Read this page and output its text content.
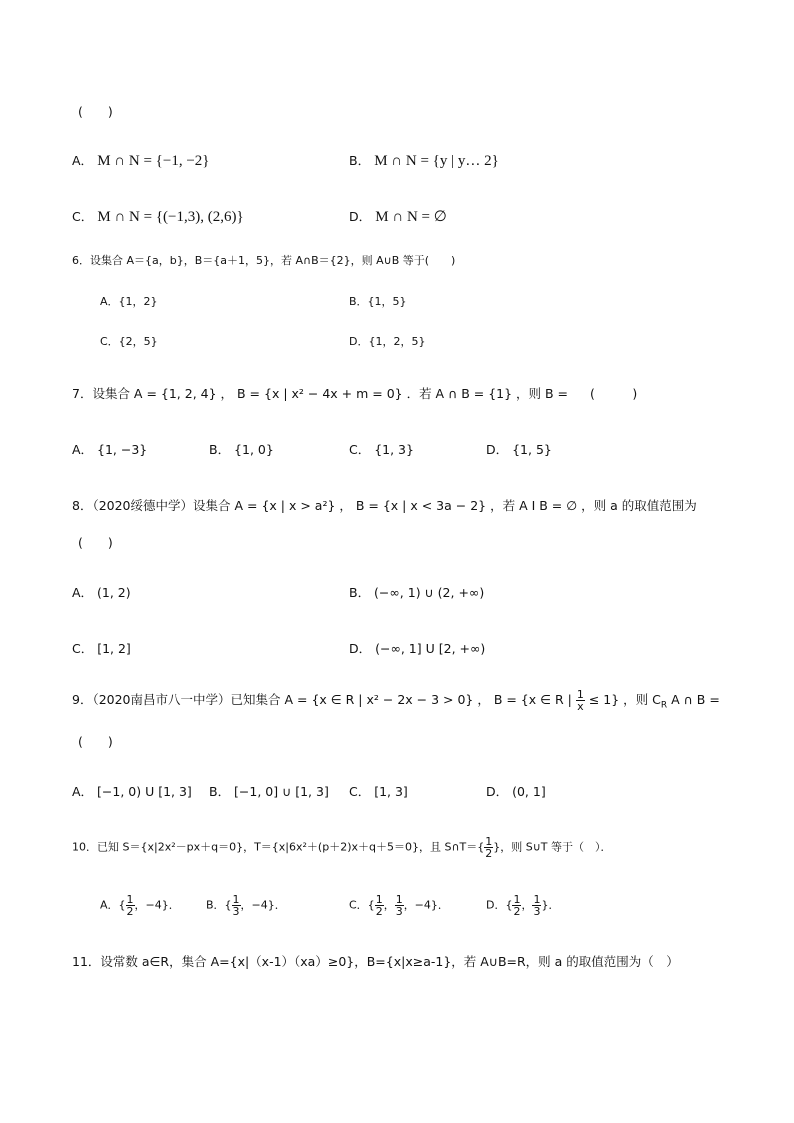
(　　)
A． M ∩ N = {−1, −2}	B． M ∩ N = {y | y… 2}
C． M ∩ N = {(−1,3), (2,6)}	D． M ∩ N = ∅
6．设集合 A＝{a，b}，B＝{a＋1，5}，若 A∩B＝{2}，则 A∪B 等于(　　)
A．{1，2}	B．{1，5}
C．{2，5}	D．{1，2，5}
7．设集合 A = {1, 2, 4} ， B = {x | x² − 4x + m = 0} ．若 A ∩ B = {1} ，则 B = (　　　)
A． {1, −3}	B． {1, 0}	C． {1, 3}	D． {1, 5}
8．（2020绥德中学）设集合 A = {x | x > a²} ， B = {x | x < 3a − 2} ，若 A I B = ∅ ，则 a 的取值范围为
(　　)
A． (1, 2)	B． (−∞, 1) ∪ (2, +∞)
C． [1, 2]	D． (−∞, 1] U [2, +∞)
9．（2020南昌市八一中学）已知集合 A = {x ∈ R | x² − 2x − 3 > 0} ， B = {x ∈ R | $\frac{1}{x} \le 1$} ，则 $C_R$ A ∩ B =
(　　)
A． [−1, 0) U [1, 3] B． [−1, 0] ∪ [1, 3] C． [1, 3]	D． (0, 1]
10．已知 S＝{x|2x²－px＋q＝0}，T＝{x|6x²＋(p＋2)x＋q＋5＝0}，且 S∩T＝{ $\frac{1}{2}$ }，则 S∪T 等于（　）．
A．{ $\frac{1}{2}$ ，−4}． B．{ $\frac{1}{3}$ ，−4}．	C．{ $\frac{1}{2}$ ， $\frac{1}{3}$ ，−4}．	D．{ $\frac{1}{2}$ ， $\frac{1}{3}$ }．
11．设常数 a∈R，集合 A={x|（x-1）（xa）≥0}，B={x|x≥a-1}，若 A∪B=R，则 a 的取值范围为（　）
